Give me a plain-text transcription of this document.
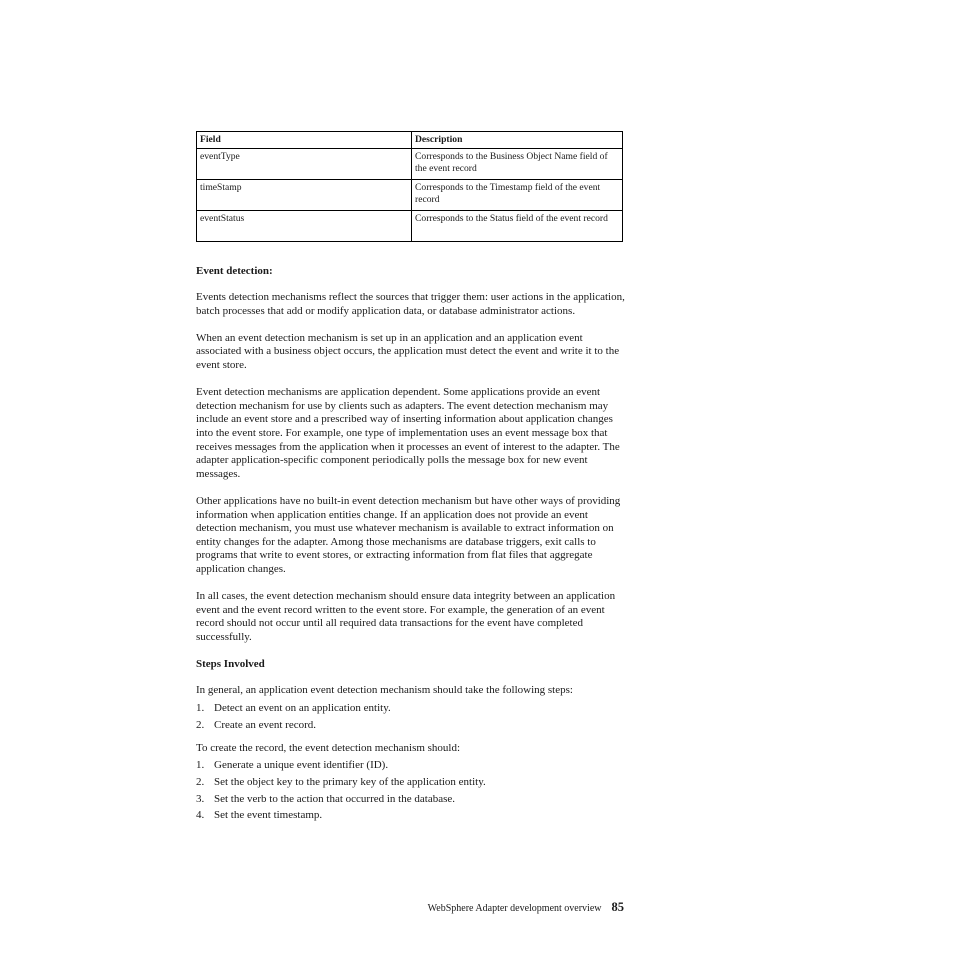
Field	Description
eventType	Corresponds to the Business Object Name field of the event record
timeStamp	Corresponds to the Timestamp field of the event record
eventStatus	Corresponds to the Status field of the event record

Event detection:

Events detection mechanisms reflect the sources that trigger them: user actions in the application, batch processes that add or modify application data, or database administrator actions.

When an event detection mechanism is set up in an application and an application event associated with a business object occurs, the application must detect the event and write it to the event store.

Event detection mechanisms are application dependent. Some applications provide an event detection mechanism for use by clients such as adapters. The event detection mechanism may include an event store and a prescribed way of inserting information about application changes into the event store. For example, one type of implementation uses an event message box that receives messages from the application when it processes an event of interest to the adapter. The adapter application-specific component periodically polls the message box for new event messages.

Other applications have no built-in event detection mechanism but have other ways of providing information when application entities change. If an application does not provide an event detection mechanism, you must use whatever mechanism is available to extract information on entity changes for the adapter. Among those mechanisms are database triggers, exit calls to programs that write to event stores, or extracting information from flat files that aggregate application changes.

In all cases, the event detection mechanism should ensure data integrity between an application event and the event record written to the event store. For example, the generation of an event record should not occur until all required data transactions for the event have completed successfully.

Steps Involved

In general, an application event detection mechanism should take the following steps:

1. Detect an event on an application entity.
2. Create an event record.

To create the record, the event detection mechanism should:

1. Generate a unique event identifier (ID).
2. Set the object key to the primary key of the application entity.
3. Set the verb to the action that occurred in the database.
4. Set the event timestamp.
WebSphere Adapter development overview 85
